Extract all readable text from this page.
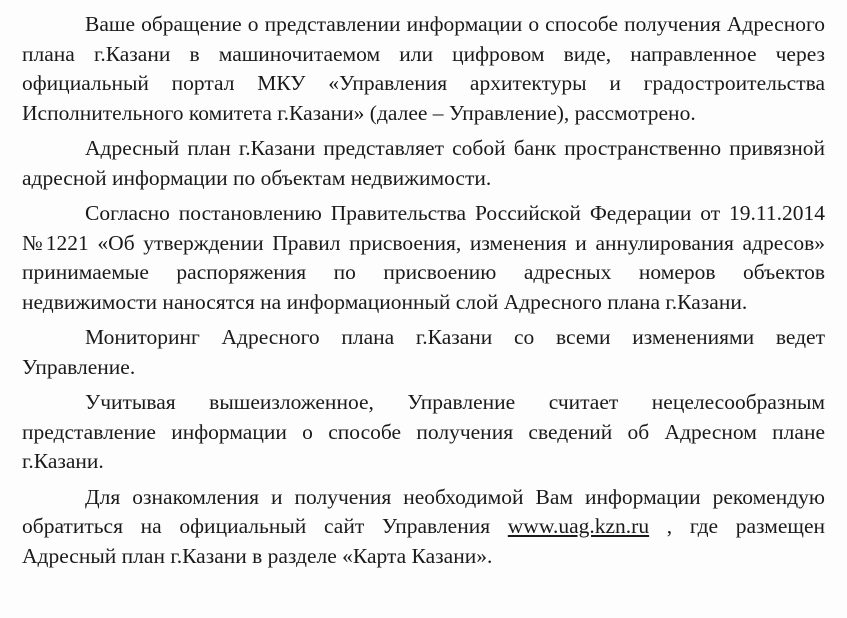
Ваше обращение о представлении информации о способе получения Адресного плана г.Казани в машиночитаемом или цифровом виде, направленное через официальный портал МКУ «Управления архитектуры и градостроительства Исполнительного комитета г.Казани» (далее – Управление), рассмотрено.

Адресный план г.Казани представляет собой банк пространственно привязной адресной информации по объектам недвижимости.

Согласно постановлению Правительства Российской Федерации от 19.11.2014 №1221 «Об утверждении Правил присвоения, изменения и аннулирования адресов» принимаемые распоряжения по присвоению адресных номеров объектов недвижимости наносятся на информационный слой Адресного плана г.Казани.

Мониторинг Адресного плана г.Казани со всеми изменениями ведет Управление.

Учитывая вышеизложенное, Управление считает нецелесообразным представление информации о способе получения сведений об Адресном плане г.Казани.

Для ознакомления и получения необходимой Вам информации рекомендую обратиться на официальный сайт Управления www.uag.kzn.ru , где размещен Адресный план г.Казани в разделе «Карта Казани».
